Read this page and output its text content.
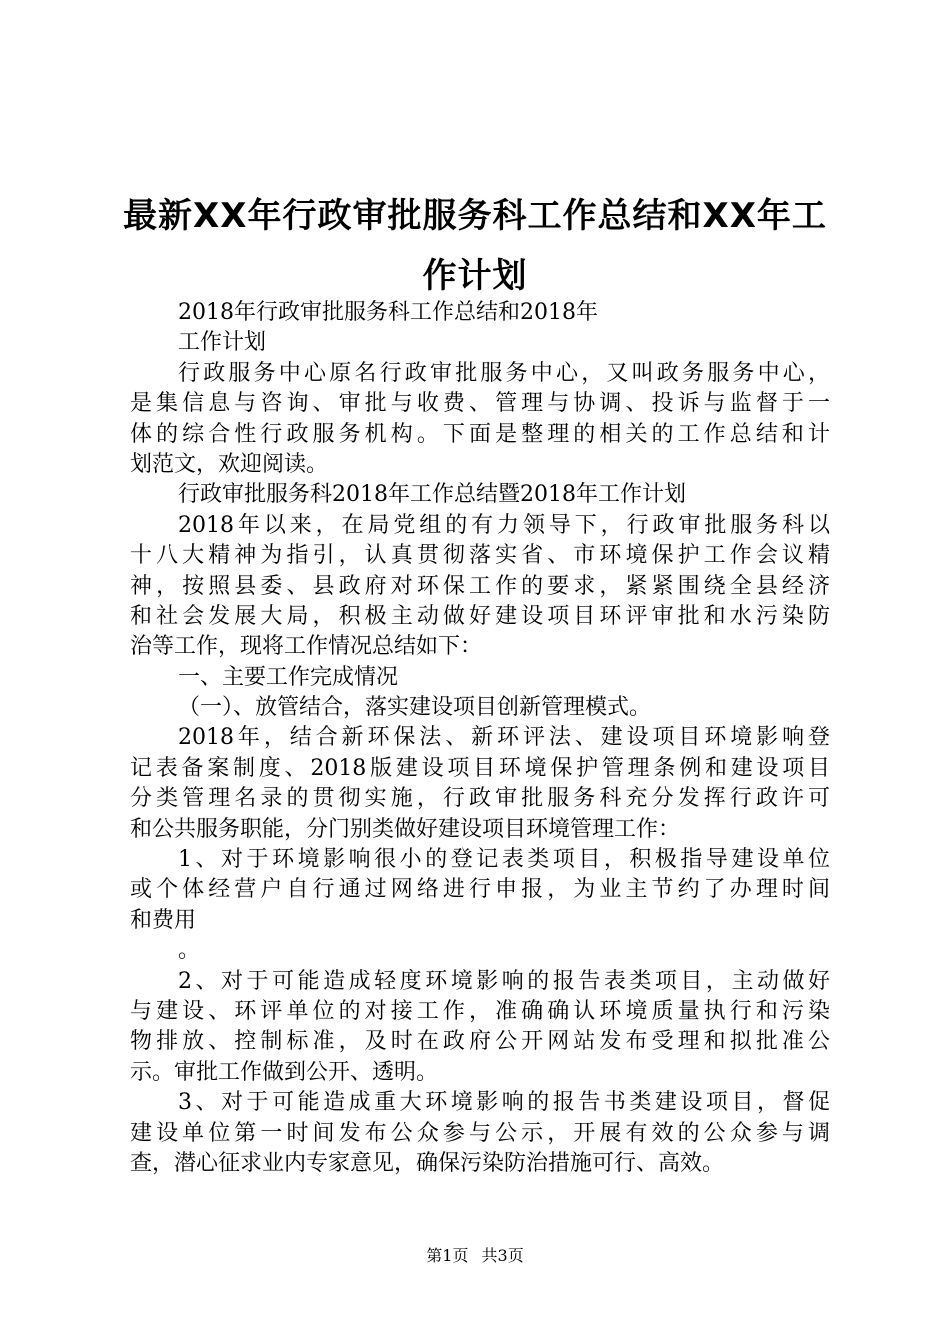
最新XX年行政审批服务科工作总结和XX年工
作计划
2018年行政审批服务科工作总结和2018年
工作计划
行政服务中心原名行政审批服务中心，又叫政务服务中心，
是集信息与咨询、审批与收费、管理与协调、投诉与监督于一
体的综合性行政服务机构。下面是整理的相关的工作总结和计
划范文，欢迎阅读。
行政审批服务科2018年工作总结暨2018年工作计划
2018年以来，在局党组的有力领导下，行政审批服务科以
十八大精神为指引，认真贯彻落实省、市环境保护工作会议精
神，按照县委、县政府对环保工作的要求，紧紧围绕全县经济
和社会发展大局，积极主动做好建设项目环评审批和水污染防
治等工作，现将工作情况总结如下：
一、主要工作完成情况
（一）、放管结合，落实建设项目创新管理模式。
2018年，结合新环保法、新环评法、建设项目环境影响登
记表备案制度、2018版建设项目环境保护管理条例和建设项目
分类管理名录的贯彻实施，行政审批服务科充分发挥行政许可
和公共服务职能，分门别类做好建设项目环境管理工作：
1、对于环境影响很小的登记表类项目，积极指导建设单位
或个体经营户自行通过网络进行申报，为业主节约了办理时间
和费用
。
2、对于可能造成轻度环境影响的报告表类项目，主动做好
与建设、环评单位的对接工作，准确确认环境质量执行和污染
物排放、控制标准，及时在政府公开网站发布受理和拟批准公
示。审批工作做到公开、透明。
3、对于可能造成重大环境影响的报告书类建设项目，督促
建设单位第一时间发布公众参与公示，开展有效的公众参与调
查，潜心征求业内专家意见，确保污染防治措施可行、高效。
第1页 共3页
